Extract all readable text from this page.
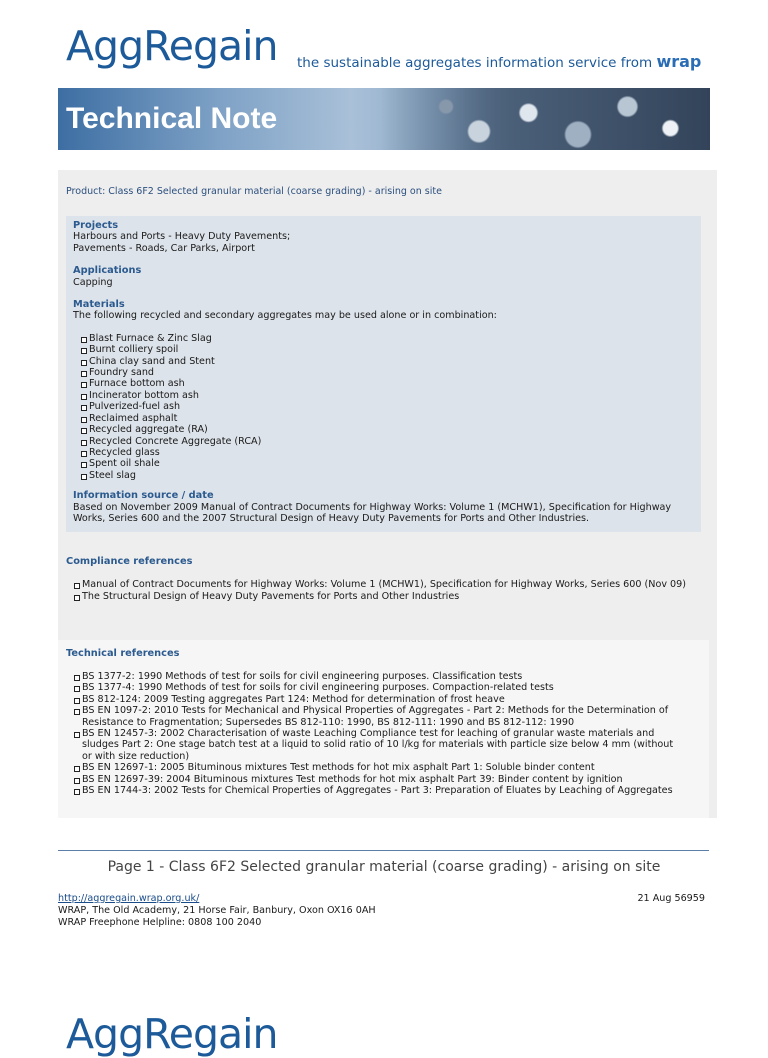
AggRegain the sustainable aggregates information service from wrap
Technical Note
Product: Class 6F2 Selected granular material (coarse grading) - arising on site
Projects
Harbours and Ports - Heavy Duty Pavements;
Pavements - Roads, Car Parks, Airport
Applications
Capping
Materials
The following recycled and secondary aggregates may be used alone or in combination:
Blast Furnace & Zinc Slag
Burnt colliery spoil
China clay sand and Stent
Foundry sand
Furnace bottom ash
Incinerator bottom ash
Pulverized-fuel ash
Reclaimed asphalt
Recycled aggregate (RA)
Recycled Concrete Aggregate (RCA)
Recycled glass
Spent oil shale
Steel slag
Information source / date
Based on November 2009 Manual of Contract Documents for Highway Works: Volume 1 (MCHW1), Specification for Highway Works, Series 600 and the 2007 Structural Design of Heavy Duty Pavements for Ports and Other Industries.
Compliance references
Manual of Contract Documents for Highway Works: Volume 1 (MCHW1), Specification for Highway Works, Series 600 (Nov 09)
The Structural Design of Heavy Duty Pavements for Ports and Other Industries
Technical references
BS 1377-2: 1990 Methods of test for soils for civil engineering purposes. Classification tests
BS 1377-4: 1990 Methods of test for soils for civil engineering purposes. Compaction-related tests
BS 812-124: 2009 Testing aggregates Part 124: Method for determination of frost heave
BS EN 1097-2: 2010 Tests for Mechanical and Physical Properties of Aggregates - Part 2: Methods for the Determination of Resistance to Fragmentation; Supersedes BS 812-110: 1990, BS 812-111: 1990 and BS 812-112: 1990
BS EN 12457-3: 2002 Characterisation of waste Leaching Compliance test for leaching of granular waste materials and sludges Part 2: One stage batch test at a liquid to solid ratio of 10 l/kg for materials with particle size below 4 mm (without or with size reduction)
BS EN 12697-1: 2005 Bituminous mixtures Test methods for hot mix asphalt Part 1: Soluble binder content
BS EN 12697-39: 2004 Bituminous mixtures Test methods for hot mix asphalt Part 39: Binder content by ignition
BS EN 1744-3: 2002 Tests for Chemical Properties of Aggregates - Part 3: Preparation of Eluates by Leaching of Aggregates
Page 1 - Class 6F2 Selected granular material (coarse grading) - arising on site
http://aggregain.wrap.org.uk/	21 Aug 56959
WRAP, The Old Academy, 21 Horse Fair, Banbury, Oxon OX16 0AH
WRAP Freephone Helpline: 0808 100 2040
AggRegain
